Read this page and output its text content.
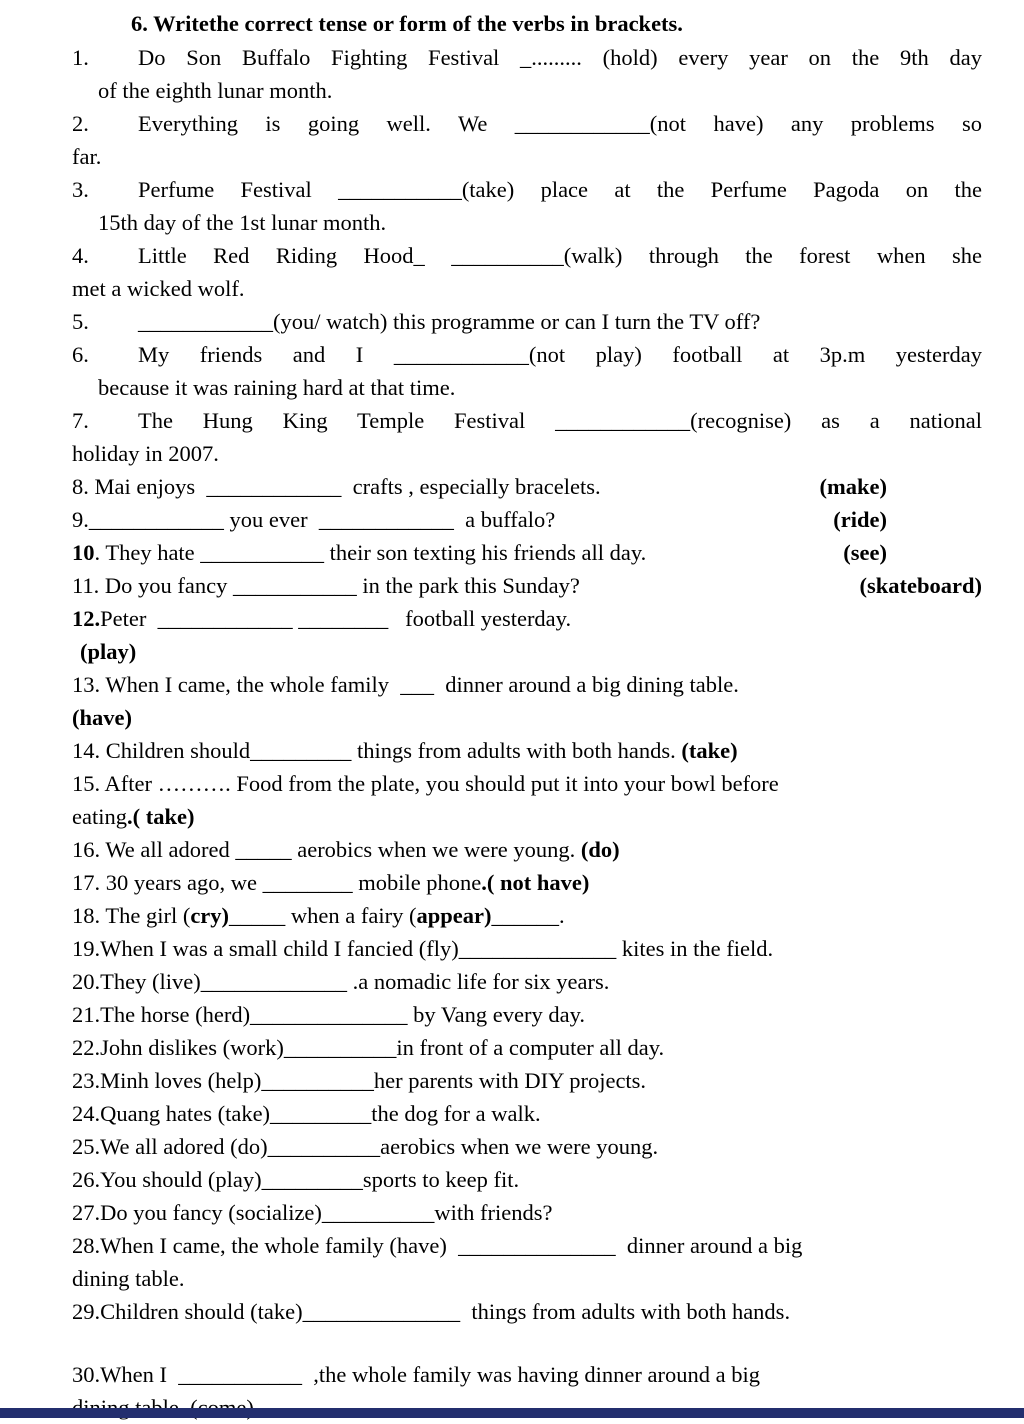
6. Writethe correct tense or form of the verbs in brackets.
1. Do Son Buffalo Fighting Festival _......... (hold) every year on the 9th day
of the eighth lunar month.
2. Everything is going well. We ____________(not have) any problems so
far.
3. Perfume Festival ___________(take) place at the Perfume Pagoda on the
15th day of the 1st lunar month.
4. Little Red Riding Hood_ __________(walk) through the forest when she
met a wicked wolf.
5. ____________(you/ watch) this programme or can I turn the TV off?
6. My friends and I ____________(not play) football at 3p.m yesterday
because it was raining hard at that time.
7. The Hung King Temple Festival ____________(recognise) as a national
holiday in 2007.
8. Mai enjoys  ____________  crafts , especially bracelets.	(make)
9.____________ you ever  ____________  a buffalo?	(ride)
10 . They hate ___________ their son texting his friends all day.	(see)
11. Do you fancy ___________ in the park this Sunday?	(skateboard)
12.Peter  ____________ ________   football yesterday.
(play)
13. When I came, the whole family  ___  dinner around a big dining table.
(have)
14. Children should_________ things from adults with both hands. (take)
15. After ………. Food from the plate, you should put it into your bowl before
eating.( take)
16. We all adored _____ aerobics when we were young. (do)
17. 30 years ago, we ________ mobile phone.( not have)
18. The girl (cry)_____ when a fairy (appear)______.
19.When I was a small child I fancied (fly)______________ kites in the field.
20.They (live)_____________ .a nomadic life for six years.
21.The horse (herd)______________ by Vang every day.
22.John dislikes (work)__________in front of a computer all day.
23.Minh loves (help)__________her parents with DIY projects.
24.Quang hates (take)_________the dog for a walk.
25.We all adored (do)__________aerobics when we were young.
26.You should (play)_________sports to keep fit.
27.Do you fancy (socialize)__________with friends?
28.When I came, the whole family (have)  ______________  dinner around a big
dining table.
29.Children should (take)______________  things from adults with both hands.
30.When I  ___________  ,the whole family was having dinner around a big
